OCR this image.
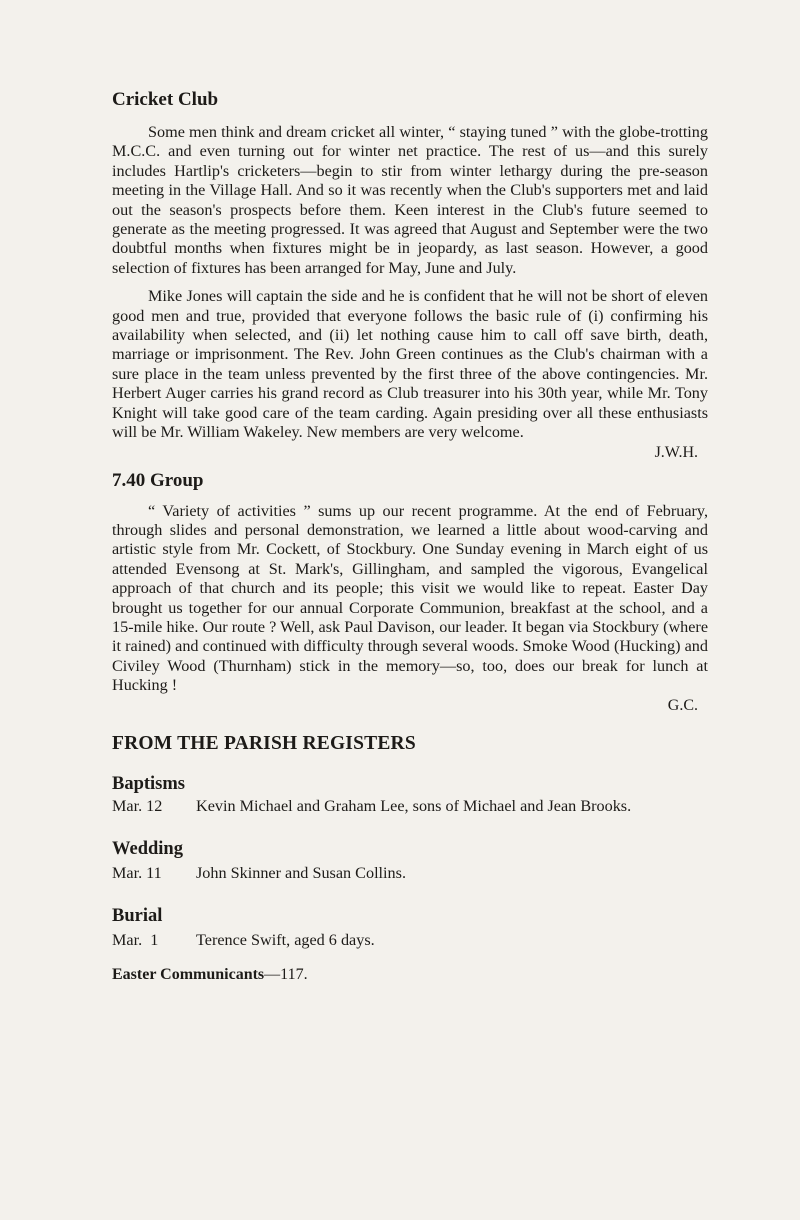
Cricket Club

Some men think and dream cricket all winter, “ staying tuned ” with the globe-trotting M.C.C. and even turning out for winter net practice. The rest of us—and this surely includes Hartlip's cricketers—begin to stir from winter lethargy during the pre-season meeting in the Village Hall. And so it was recently when the Club's supporters met and laid out the season's prospects before them. Keen interest in the Club's future seemed to generate as the meeting progressed. It was agreed that August and September were the two doubtful months when fixtures might be in jeopardy, as last season. However, a good selection of fixtures has been arranged for May, June and July.

Mike Jones will captain the side and he is confident that he will not be short of eleven good men and true, provided that everyone follows the basic rule of (i) confirming his availability when selected, and (ii) let nothing cause him to call off save birth, death, marriage or imprisonment. The Rev. John Green continues as the Club's chairman with a sure place in the team unless prevented by the first three of the above contingencies. Mr. Herbert Auger carries his grand record as Club treasurer into his 30th year, while Mr. Tony Knight will take good care of the team carding. Again presiding over all these enthusiasts will be Mr. William Wakeley. New members are very welcome.

J.W.H.
7.40 Group

“ Variety of activities ” sums up our recent programme. At the end of February, through slides and personal demonstration, we learned a little about wood-carving and artistic style from Mr. Cockett, of Stockbury. One Sunday evening in March eight of us attended Evensong at St. Mark's, Gillingham, and sampled the vigorous, Evangelical approach of that church and its people; this visit we would like to repeat. Easter Day brought us together for our annual Corporate Communion, breakfast at the school, and a 15-mile hike. Our route ? Well, ask Paul Davison, our leader. It began via Stockbury (where it rained) and continued with difficulty through several woods. Smoke Wood (Hucking) and Civiley Wood (Thurnham) stick in the memory—so, too, does our break for lunch at Hucking !

G.C.
FROM THE PARISH REGISTERS
Baptisms
Mar. 12	Kevin Michael and Graham Lee, sons of Michael and Jean Brooks.
Wedding
Mar. 11	John Skinner and Susan Collins.
Burial
Mar.  1	Terence Swift, aged 6 days.
Easter Communicants—117.
